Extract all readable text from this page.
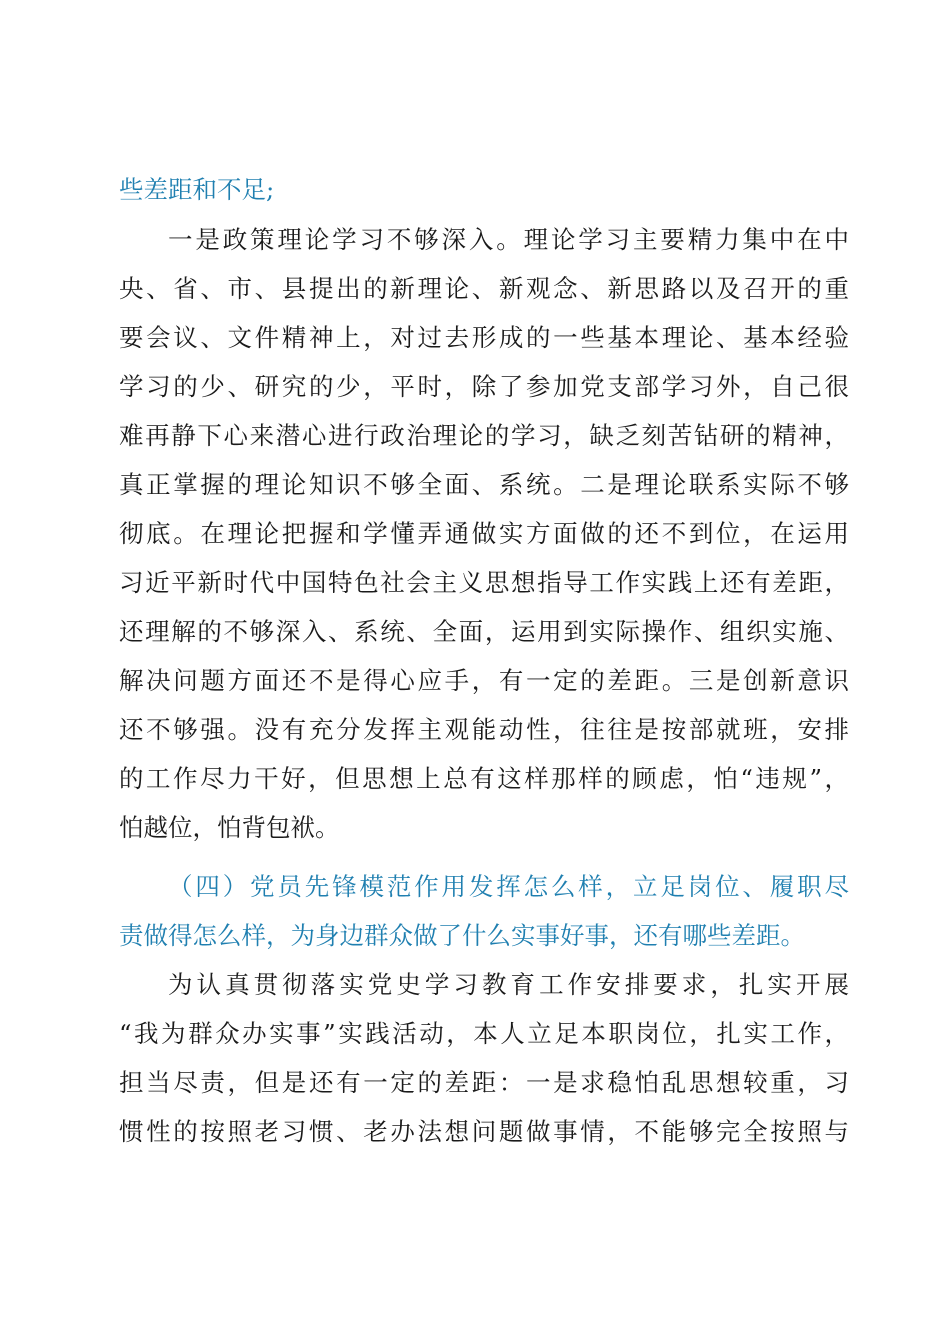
些差距和不足;
一是政策理论学习不够深入。理论学习主要精力集中在中
央、省、市、县提出的新理论、新观念、新思路以及召开的重
要会议、文件精神上，对过去形成的一些基本理论、基本经验
学习的少、研究的少，平时，除了参加党支部学习外，自己很
难再静下心来潜心进行政治理论的学习，缺乏刻苦钻研的精神，
真正掌握的理论知识不够全面、系统。二是理论联系实际不够
彻底。在理论把握和学懂弄通做实方面做的还不到位，在运用
习近平新时代中国特色社会主义思想指导工作实践上还有差距，
还理解的不够深入、系统、全面，运用到实际操作、组织实施、
解决问题方面还不是得心应手，有一定的差距。三是创新意识
还不够强。没有充分发挥主观能动性，往往是按部就班，安排
的工作尽力干好，但思想上总有这样那样的顾虑，怕“违规”，
怕越位，怕背包袱。
（四）党员先锋模范作用发挥怎么样，立足岗位、履职尽
责做得怎么样，为身边群众做了什么实事好事，还有哪些差距。
为认真贯彻落实党史学习教育工作安排要求，扎实开展
“我为群众办实事”实践活动，本人立足本职岗位，扎实工作，
担当尽责，但是还有一定的差距：一是求稳怕乱思想较重，习
惯性的按照老习惯、老办法想问题做事情，不能够完全按照与
